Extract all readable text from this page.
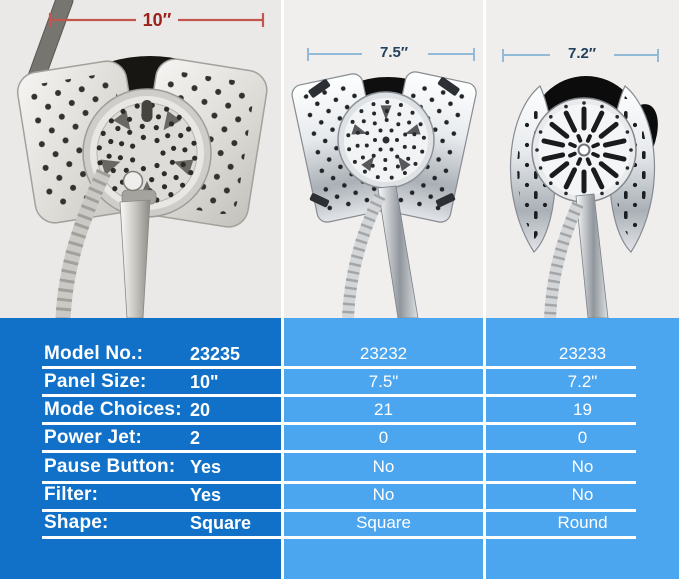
10″
7.5″	7.2″
Model No.:	23235	23232	23233
Panel Size: 10"	7.5"	7.2"
Mode Choices: 20	21	19
Power Jet:	2	0	0
Pause Button: Yes	No	No
Filter:	Yes	No	No
Shape:	Square	Square	Round
